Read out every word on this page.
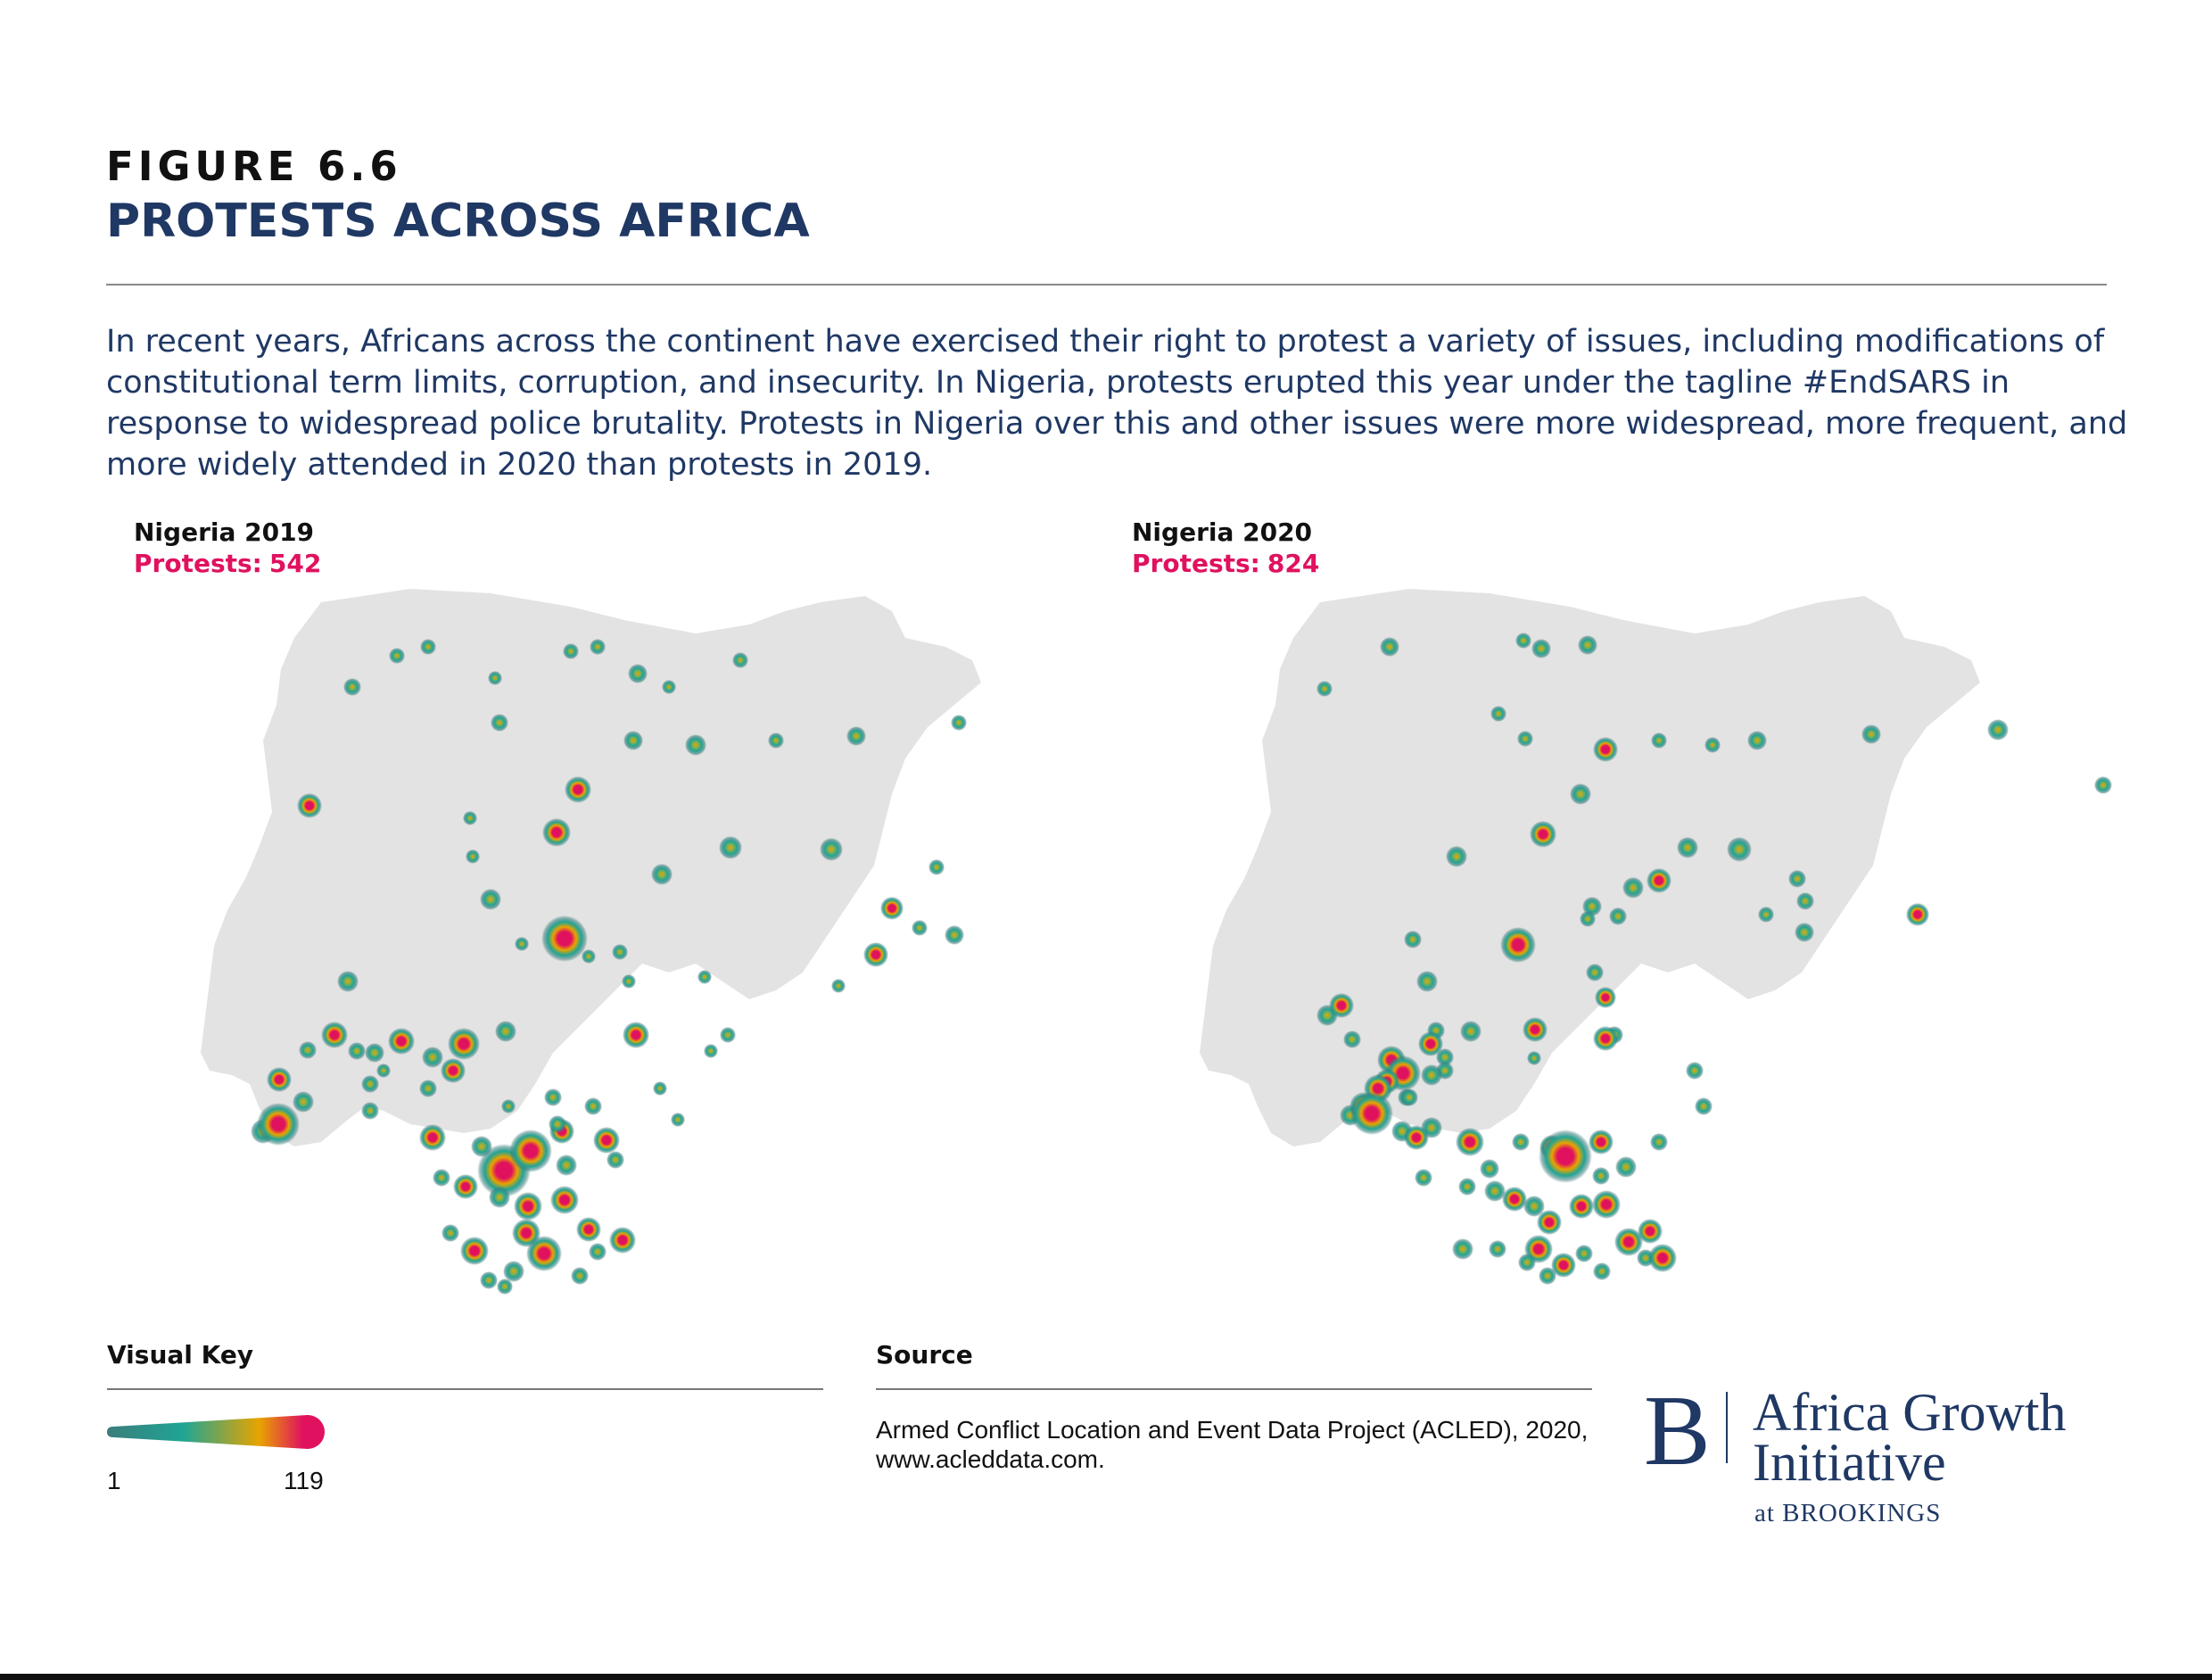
FIGURE 6.6
PROTESTS ACROSS AFRICA
In recent years, Africans across the continent have exercised their right to protest a variety of issues, including modifications of constitutional term limits, corruption, and insecurity. In Nigeria, protests erupted this year under the tagline #EndSARS in response to widespread police brutality. Protests in Nigeria over this and other issues were more widespread, more frequent, and more widely attended in 2020 than protests in 2019.
Nigeria 2019
Protests: 542
Nigeria 2020
Protests: 824
Visual Key
1	119
Source
Armed Conflict Location and Event Data Project (ACLED), 2020, www.acleddata.com.	B Africa Growth
Initiative
at BROOKINGS
